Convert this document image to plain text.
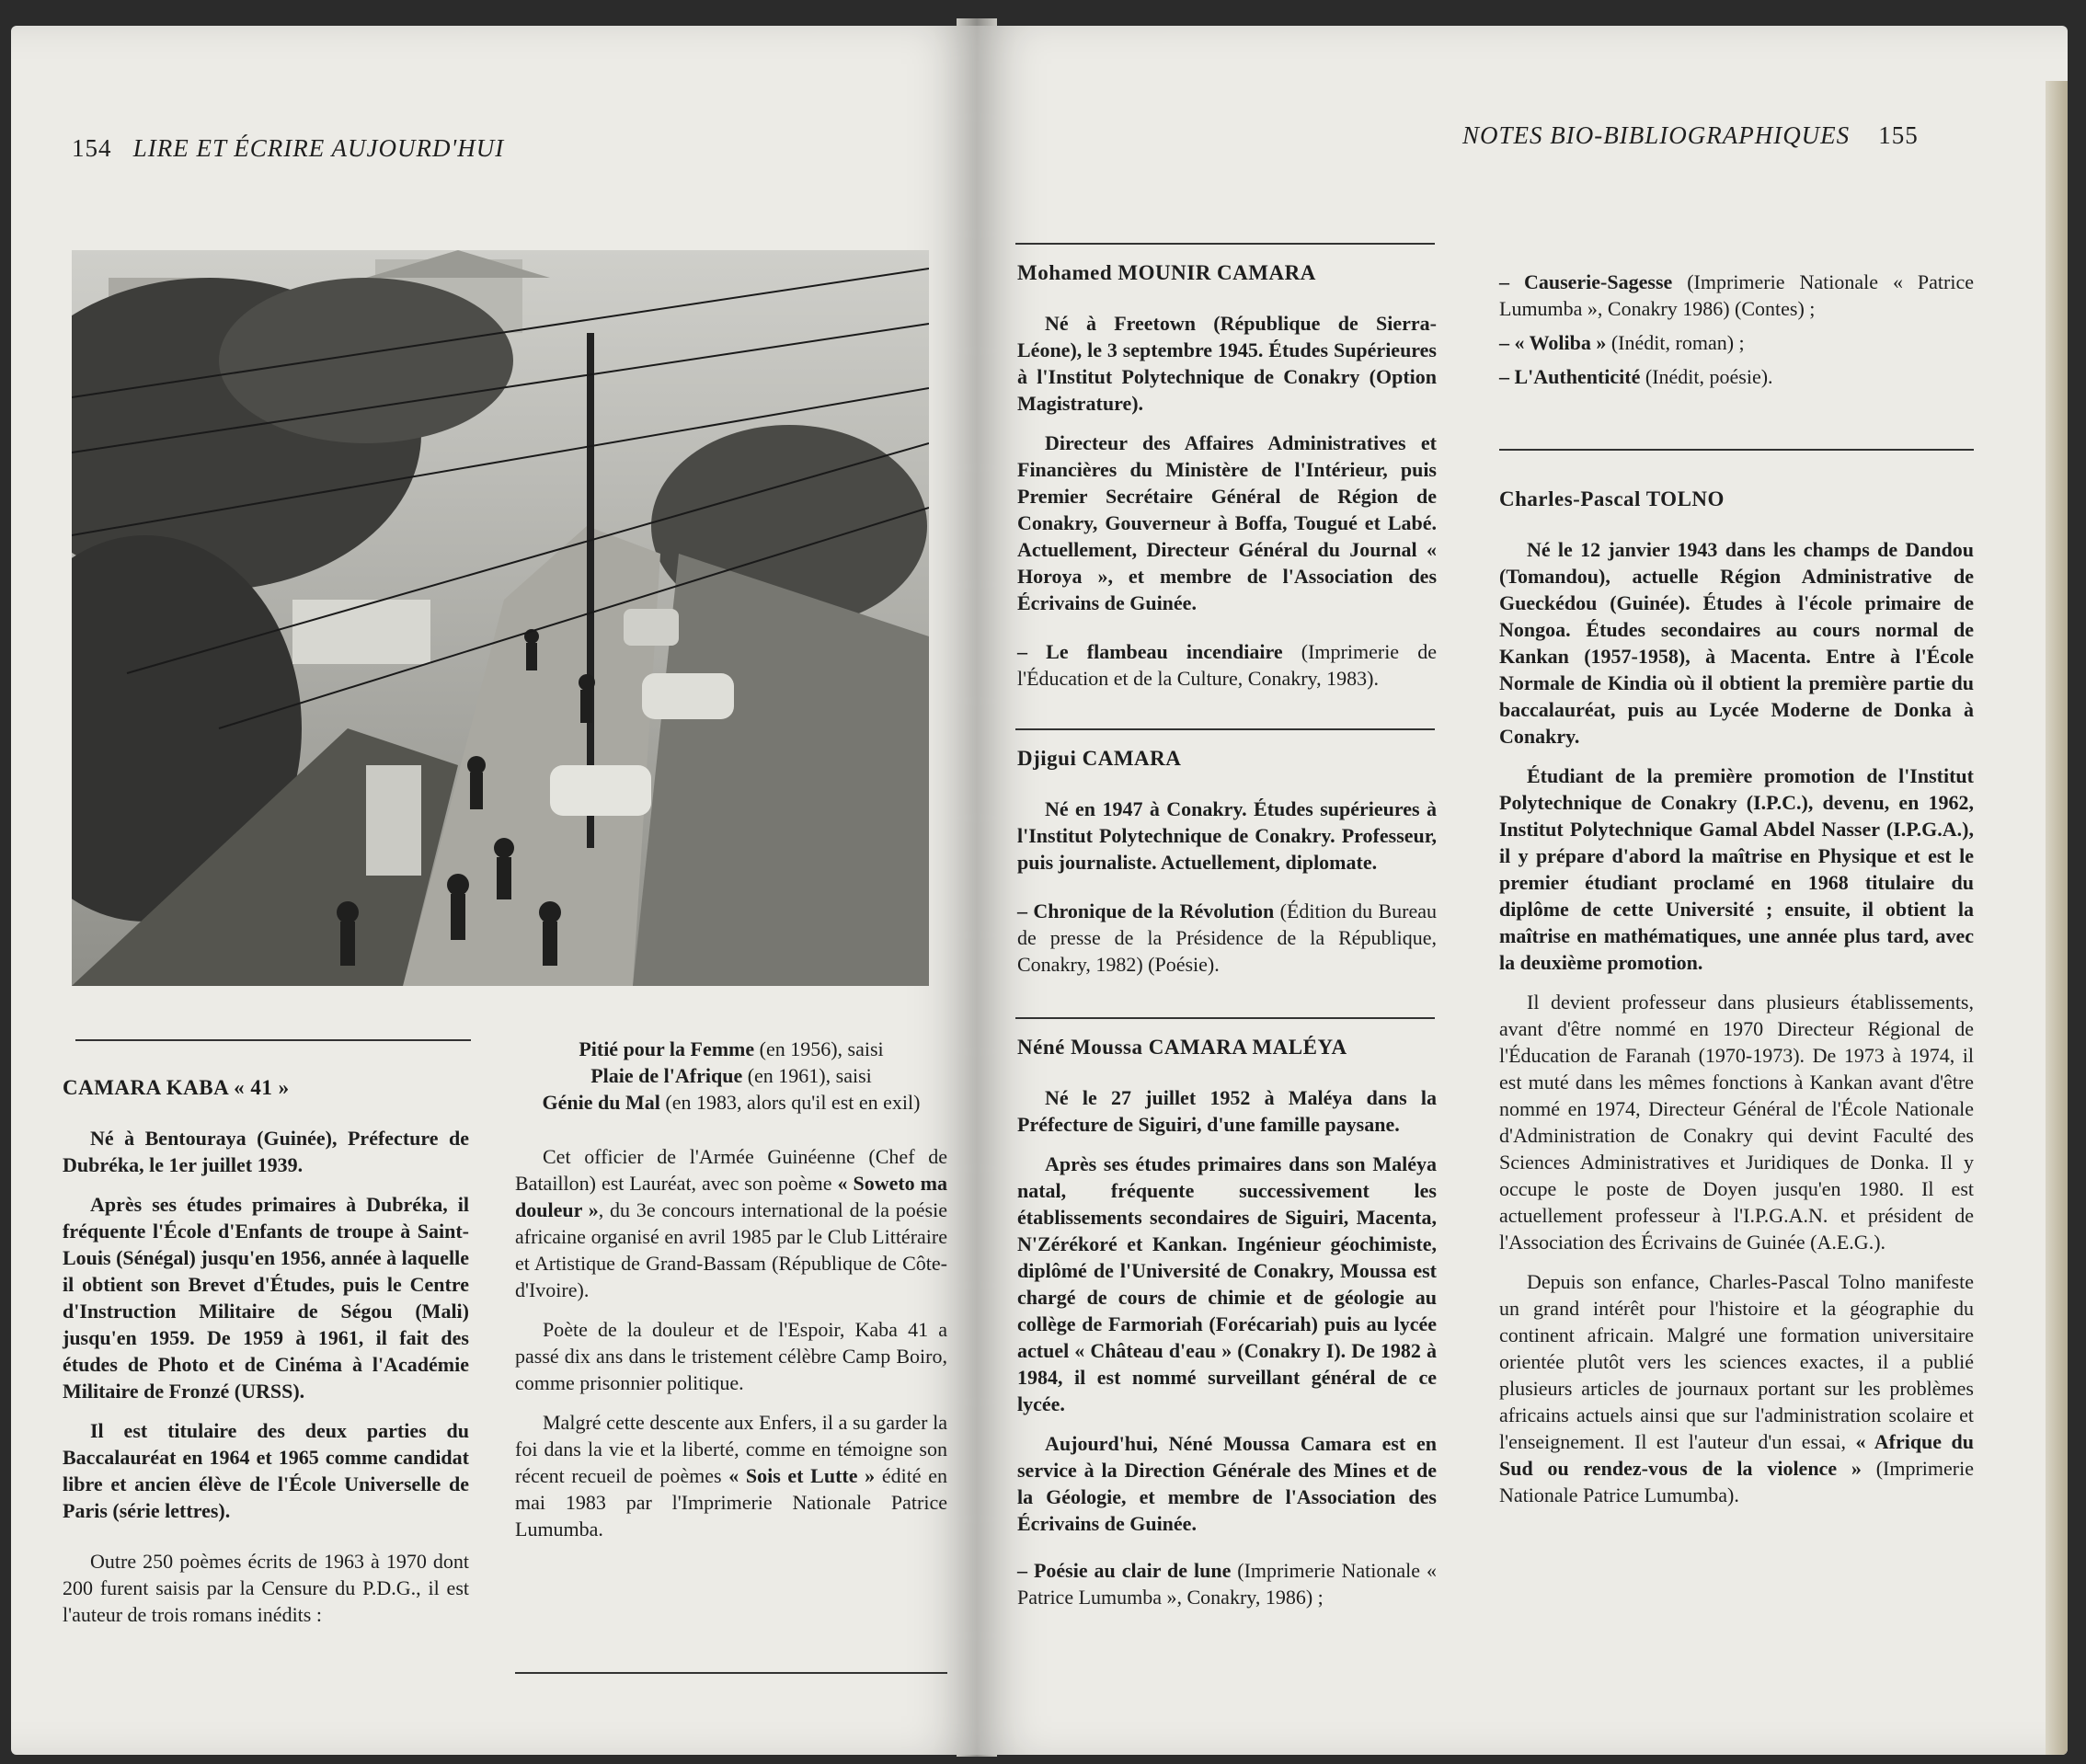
154 LIRE ET ÉCRIRE AUJOURD'HUI

CAMARA KABA « 41 »

Né à Bentouraya (Guinée), Préfecture de Dubréka, le 1er juillet 1939.

Après ses études primaires à Dubréka, il fréquente l'École d'Enfants de troupe à Saint-Louis (Sénégal) jusqu'en 1956, année à laquelle il obtient son Brevet d'Études, puis le Centre d'Instruction Militaire de Ségou (Mali) jusqu'en 1959. De 1959 à 1961, il fait des études de Photo et de Cinéma à l'Académie Militaire de Fronzé (URSS).

Il est titulaire des deux parties du Baccalauréat en 1964 et 1965 comme candidat libre et ancien élève de l'École Universelle de Paris (série lettres).

Outre 250 poèmes écrits de 1963 à 1970 dont 200 furent saisis par la Censure du P.D.G., il est l'auteur de trois romans inédits :

Pitié pour la Femme (en 1956), saisi

Plaie de l'Afrique (en 1961), saisi

Génie du Mal (en 1983, alors qu'il est en exil)

Cet officier de l'Armée Guinéenne (Chef de Bataillon) est Lauréat, avec son poème « Soweto ma douleur », du 3e concours international de la poésie africaine organisé en avril 1985 par le Club Littéraire et Artistique de Grand-Bassam (République de Côte-d'Ivoire).

Poète de la douleur et de l'Espoir, Kaba 41 a passé dix ans dans le tristement célèbre Camp Boiro, comme prisonnier politique.

Malgré cette descente aux Enfers, il a su garder la foi dans la vie et la liberté, comme en témoigne son récent recueil de poèmes « Sois et Lutte » édité en mai 1983 par l'Imprimerie Nationale Patrice Lumumba.

NOTES BIO-BIBLIOGRAPHIQUES 155

Mohamed MOUNIR CAMARA

Né à Freetown (République de Sierra-Léone), le 3 septembre 1945. Études Supérieures à l'Institut Polytechnique de Conakry (Option Magistrature).

Directeur des Affaires Administratives et Financières du Ministère de l'Intérieur, puis Premier Secrétaire Général de Région de Conakry, Gouverneur à Boffa, Tougué et Labé. Actuellement, Directeur Général du Journal « Horoya », et membre de l'Association des Écrivains de Guinée.

– Le flambeau incendiaire (Imprimerie de l'Éducation et de la Culture, Conakry, 1983).

Djigui CAMARA

Né en 1947 à Conakry. Études supérieures à l'Institut Polytechnique de Conakry. Professeur, puis journaliste. Actuellement, diplomate.

– Chronique de la Révolution (Édition du Bureau de presse de la Présidence de la République, Conakry, 1982) (Poésie).

Néné Moussa CAMARA MALÉYA

Né le 27 juillet 1952 à Maléya dans la Préfecture de Siguiri, d'une famille paysane.

Après ses études primaires dans son Maléya natal, fréquente successivement les établissements secondaires de Siguiri, Macenta, N'Zérékoré et Kankan. Ingénieur géochimiste, diplômé de l'Université de Conakry, Moussa est chargé de cours de chimie et de géologie au collège de Farmoriah (Forécariah) puis au lycée actuel « Château d'eau » (Conakry I). De 1982 à 1984, il est nommé surveillant général de ce lycée.

Aujourd'hui, Néné Moussa Camara est en service à la Direction Générale des Mines et de la Géologie, et membre de l'Association des Écrivains de Guinée.

– Poésie au clair de lune (Imprimerie Nationale « Patrice Lumumba », Conakry, 1986) ;

– Causerie-Sagesse (Imprimerie Nationale « Patrice Lumumba », Conakry 1986) (Contes) ;

– « Woliba » (Inédit, roman) ;

– L'Authenticité (Inédit, poésie).

Charles-Pascal TOLNO

Né le 12 janvier 1943 dans les champs de Dandou (Tomandou), actuelle Région Administrative de Gueckédou (Guinée). Études à l'école primaire de Nongoa. Études secondaires au cours normal de Kankan (1957-1958), à Macenta. Entre à l'École Normale de Kindia où il obtient la première partie du baccalauréat, puis au Lycée Moderne de Donka à Conakry.

Étudiant de la première promotion de l'Institut Polytechnique de Conakry (I.P.C.), devenu, en 1962, Institut Polytechnique Gamal Abdel Nasser (I.P.G.A.), il y prépare d'abord la maîtrise en Physique et est le premier étudiant proclamé en 1968 titulaire du diplôme de cette Université ; ensuite, il obtient la maîtrise en mathématiques, une année plus tard, avec la deuxième promotion.

Il devient professeur dans plusieurs établissements, avant d'être nommé en 1970 Directeur Régional de l'Éducation de Faranah (1970-1973). De 1973 à 1974, il est muté dans les mêmes fonctions à Kankan avant d'être nommé en 1974, Directeur Général de l'École Nationale d'Administration de Conakry qui devint Faculté des Sciences Administratives et Juridiques de Donka. Il y occupe le poste de Doyen jusqu'en 1980. Il est actuellement professeur à l'I.P.G.A.N. et président de l'Association des Écrivains de Guinée (A.E.G.).

Depuis son enfance, Charles-Pascal Tolno manifeste un grand intérêt pour l'histoire et la géographie du continent africain. Malgré une formation universitaire orientée plutôt vers les sciences exactes, il a publié plusieurs articles de journaux portant sur les problèmes africains actuels ainsi que sur l'administration scolaire et l'enseignement. Il est l'auteur d'un essai, « Afrique du Sud ou rendez-vous de la violence » (Imprimerie Nationale Patrice Lumumba).
